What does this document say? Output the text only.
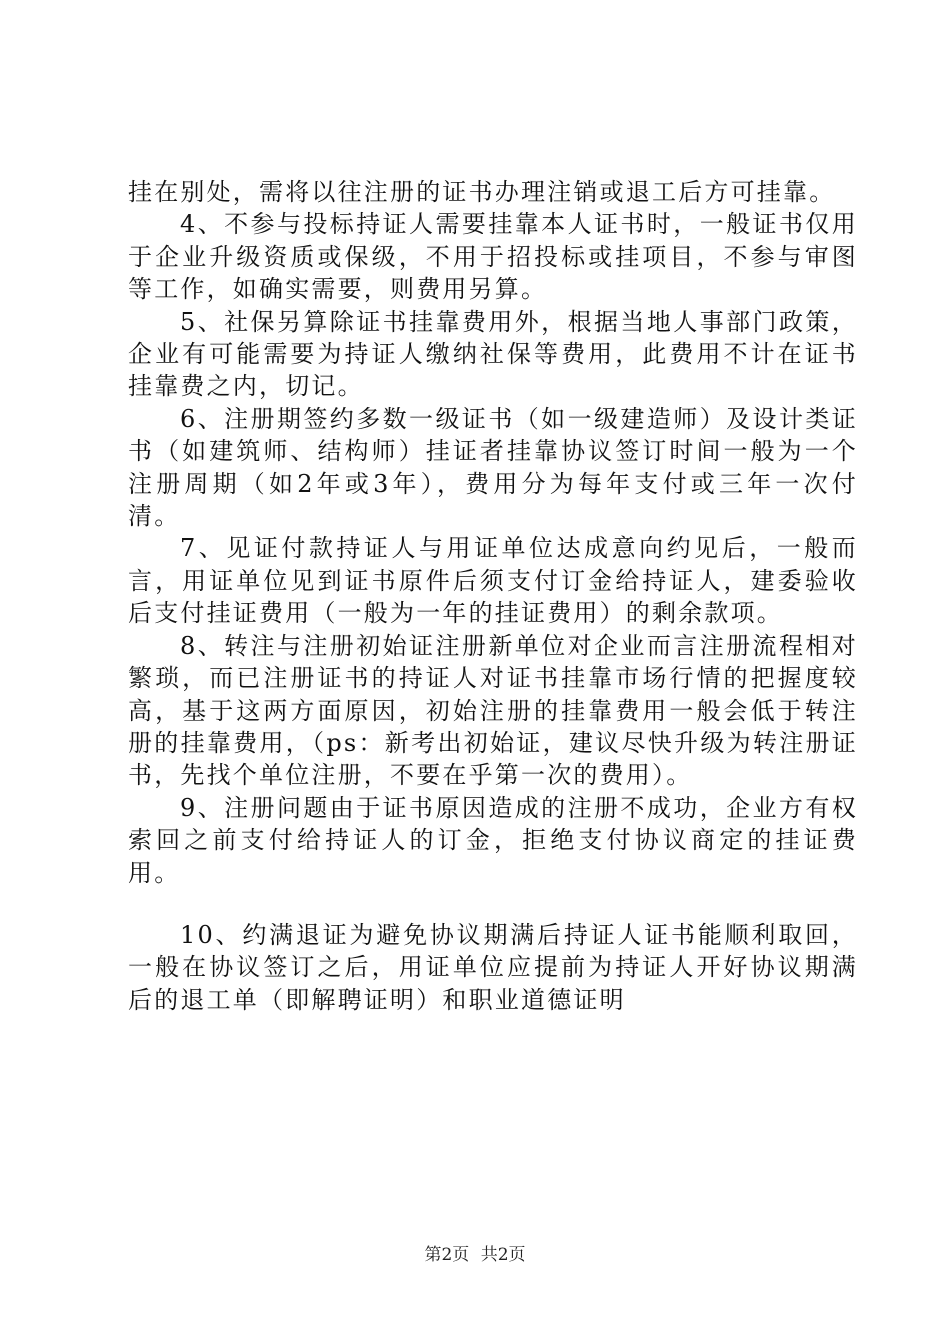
挂在别处，需将以往注册的证书办理注销或退工后方可挂靠。

4、不参与投标持证人需要挂靠本人证书时，一般证书仅用于企业升级资质或保级，不用于招投标或挂项目，不参与审图等工作，如确实需要，则费用另算。

5、社保另算除证书挂靠费用外，根据当地人事部门政策，企业有可能需要为持证人缴纳社保等费用，此费用不计在证书挂靠费之内，切记。

6、注册期签约多数一级证书（如一级建造师）及设计类证书（如建筑师、结构师）挂证者挂靠协议签订时间一般为一个注册周期（如2年或3年），费用分为每年支付或三年一次付清。

7、见证付款持证人与用证单位达成意向约见后，一般而言，用证单位见到证书原件后须支付订金给持证人，建委验收后支付挂证费用（一般为一年的挂证费用）的剩余款项。

8、转注与注册初始证注册新单位对企业而言注册流程相对繁琐，而已注册证书的持证人对证书挂靠市场行情的把握度较高，基于这两方面原因，初始注册的挂靠费用一般会低于转注册的挂靠费用，（ps：新考出初始证，建议尽快升级为转注册证书，先找个单位注册，不要在乎第一次的费用）。

9、注册问题由于证书原因造成的注册不成功，企业方有权索回之前支付给持证人的订金，拒绝支付协议商定的挂证费用。

10、约满退证为避免协议期满后持证人证书能顺利取回，一般在协议签订之后，用证单位应提前为持证人开好协议期满后的退工单（即解聘证明）和职业道德证明

第2页 共2页
